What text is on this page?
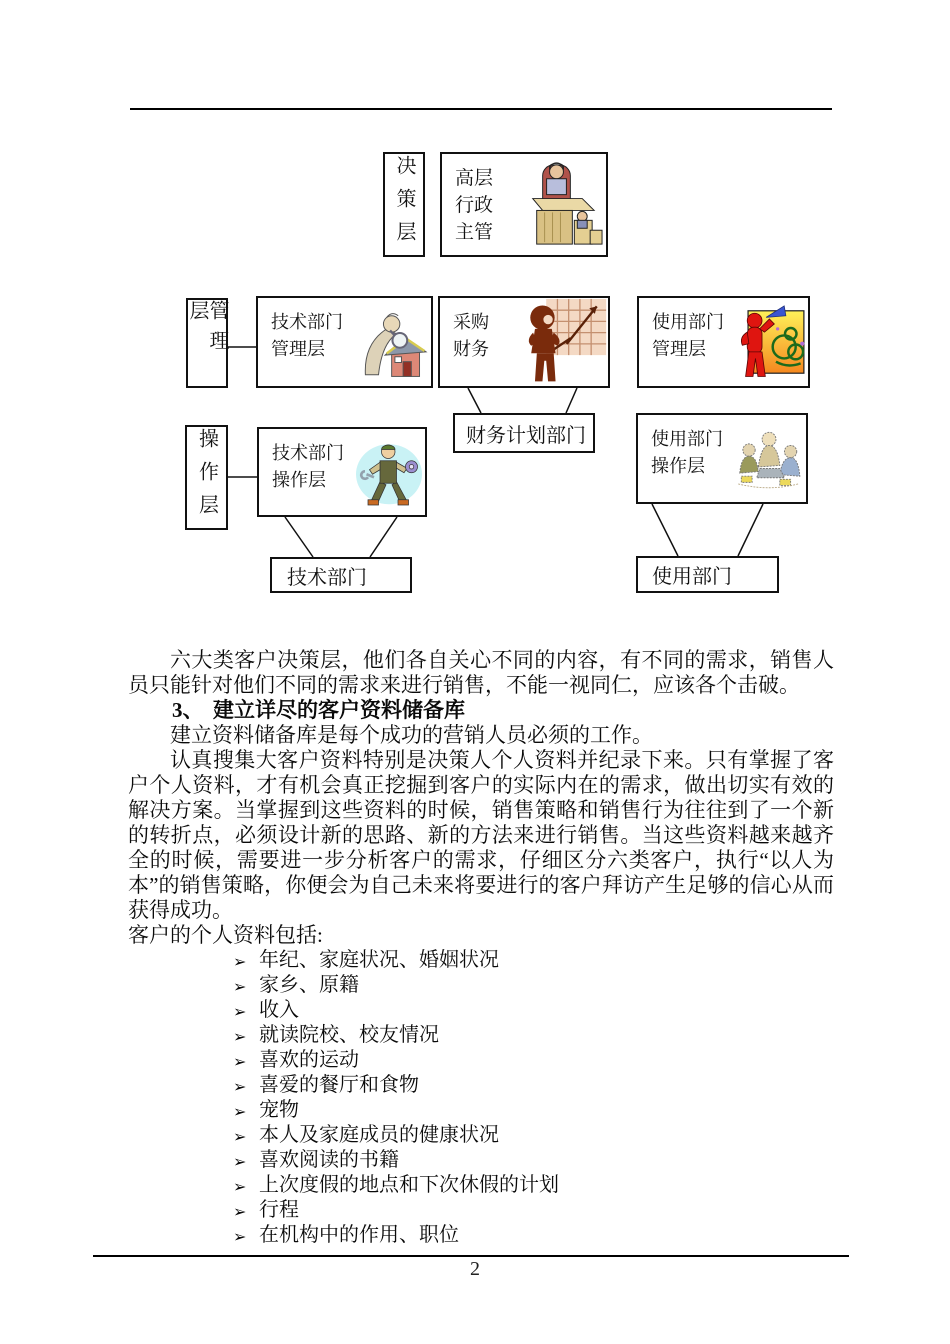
决策层
管理层
操作层
高层
行政
主管
技术部门
管理层
采购
财务
使用部门
管理层
财务计划部门
技术部门
操作层
使用部门
操作层
技术部门	使用部门

六大类客户决策层，他们各自关心不同的内容，有不同的需求，销售人员只能针对他们不同的需求来进行销售，不能一视同仁，应该各个击破。

3、 建立详尽的客户资料储备库

建立资料储备库是每个成功的营销人员必须的工作。

认真搜集大客户资料特别是决策人个人资料并纪录下来。只有掌握了客户个人资料，才有机会真正挖掘到客户的实际内在的需求，做出切实有效的解决方案。当掌握到这些资料的时候，销售策略和销售行为往往到了一个新的转折点，必须设计新的思路、新的方法来进行销售。当这些资料越来越齐全的时候，需要进一步分析客户的需求，仔细区分六类客户，执行“以人为本”的销售策略，你便会为自己未来将要进行的客户拜访产生足够的信心从而获得成功。

客户的个人资料包括:

➢ 年纪、家庭状况、婚姻状况
➢ 家乡、原籍
➢ 收入
➢ 就读院校、校友情况
➢ 喜欢的运动
➢ 喜爱的餐厅和食物
➢ 宠物
➢ 本人及家庭成员的健康状况
➢ 喜欢阅读的书籍
➢ 上次度假的地点和下次休假的计划
➢ 行程
➢ 在机构中的作用、职位
2
